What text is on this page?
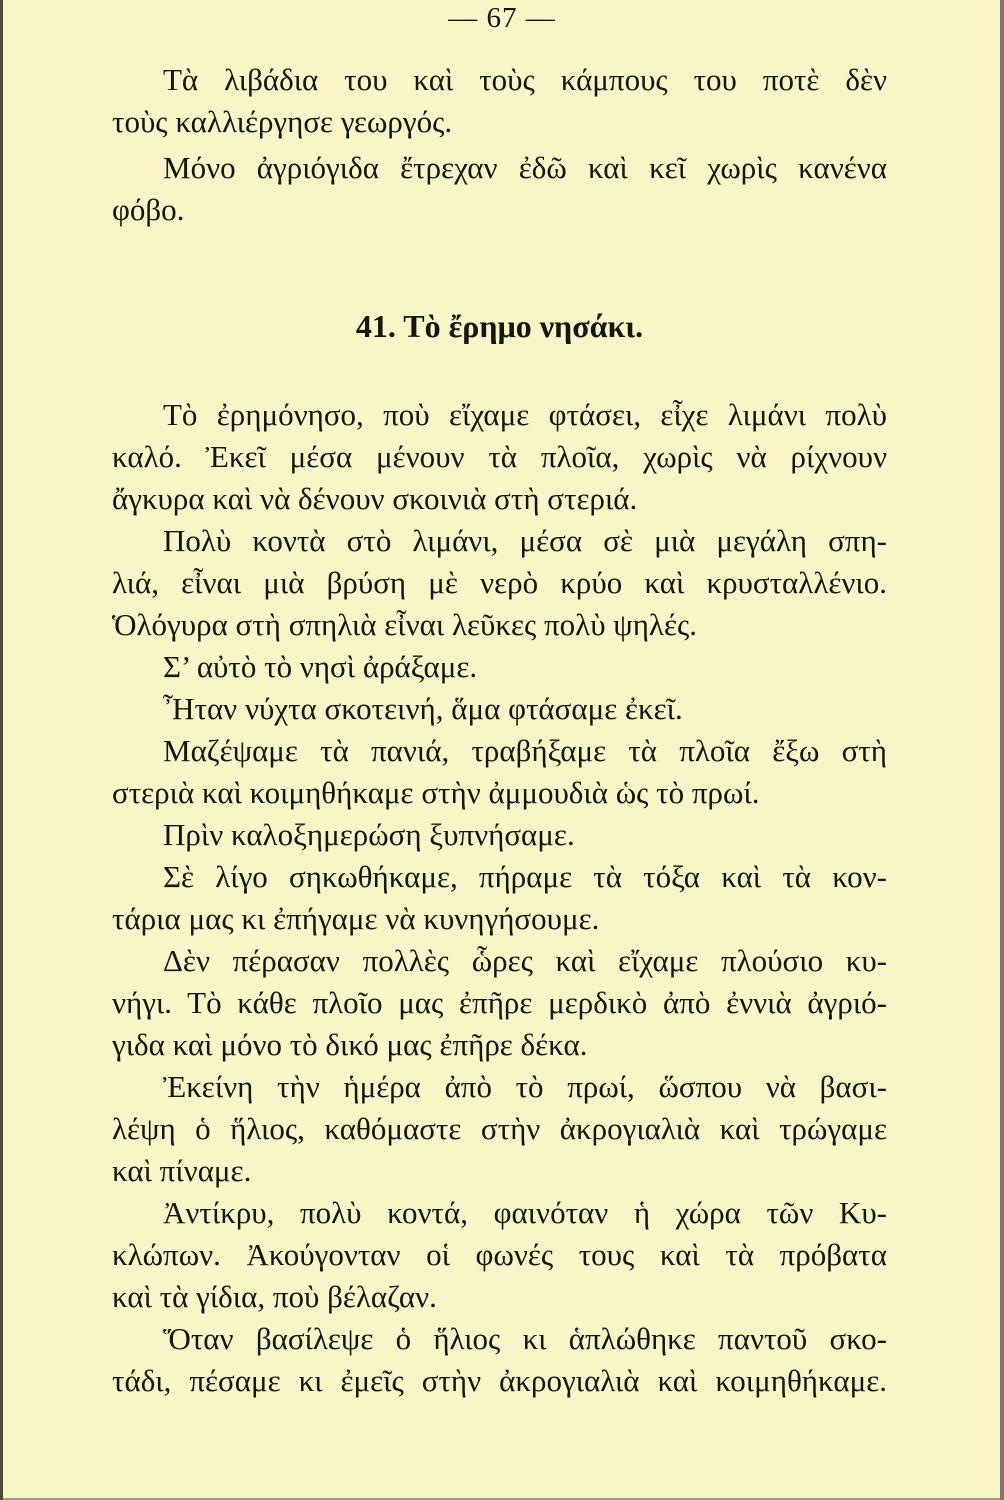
— 67 —
Τὰ λιβάδια του καὶ τοὺς κάμπους του ποτὲ δὲν
τοὺς καλλιέργησε γεωργός.
Μόνο ἀγριόγιδα ἔτρεχαν ἐδῶ καὶ κεῖ χωρὶς κανένα
φόβο.
41. Τὸ ἔρημο νησάκι.
Τὸ ἐρημόνησο, ποὺ εἴχαμε φτάσει, εἶχε λιμάνι πολὺ
καλό. Ἐκεῖ μέσα μένουν τὰ πλοῖα, χωρὶς νὰ ρίχνουν
ἄγκυρα καὶ νὰ δένουν σκοινιὰ στὴ στεριά.
Πολὺ κοντὰ στὸ λιμάνι, μέσα σὲ μιὰ μεγάλη σπη-
λιά, εἶναι μιὰ βρύση μὲ νερὸ κρύο καὶ κρυσταλλένιο.
Ὁλόγυρα στὴ σπηλιὰ εἶναι λεῦκες πολὺ ψηλές.
Σ’ αὐτὸ τὸ νησὶ ἀράξαμε.
Ἦταν νύχτα σκοτεινή, ἅμα φτάσαμε ἐκεῖ.
Μαζέψαμε τὰ πανιά, τραβήξαμε τὰ πλοῖα ἔξω στὴ
στεριὰ καὶ κοιμηθήκαμε στὴν ἀμμουδιὰ ὡς τὸ πρωί.
Πρὶν καλοξημερώση ξυπνήσαμε.
Σὲ λίγο σηκωθήκαμε, πήραμε τὰ τόξα καὶ τὰ κον-
τάρια μας κι ἐπήγαμε νὰ κυνηγήσουμε.
Δὲν πέρασαν πολλὲς ὧρες καὶ εἴχαμε πλούσιο κυ-
νήγι. Τὸ κάθε πλοῖο μας ἐπῆρε μερδικὸ ἀπὸ ἐννιὰ ἀγριό-
γιδα καὶ μόνο τὸ δικό μας ἐπῆρε δέκα.
Ἐκείνη τὴν ἡμέρα ἀπὸ τὸ πρωί, ὥσπου νὰ βασι-
λέψη ὁ ἥλιος, καθόμαστε στὴν ἀκρογιαλιὰ καὶ τρώγαμε
καὶ πίναμε.
Ἀντίκρυ, πολὺ κοντά, φαινόταν ἡ χώρα τῶν Κυ-
κλώπων. Ἀκούγονταν οἱ φωνές τους καὶ τὰ πρόβατα
καὶ τὰ γίδια, ποὺ βέλαζαν.
Ὅταν βασίλεψε ὁ ἥλιος κι ἁπλώθηκε παντοῦ σκο-
τάδι, πέσαμε κι ἐμεῖς στὴν ἀκρογιαλιὰ καὶ κοιμηθήκαμε.
